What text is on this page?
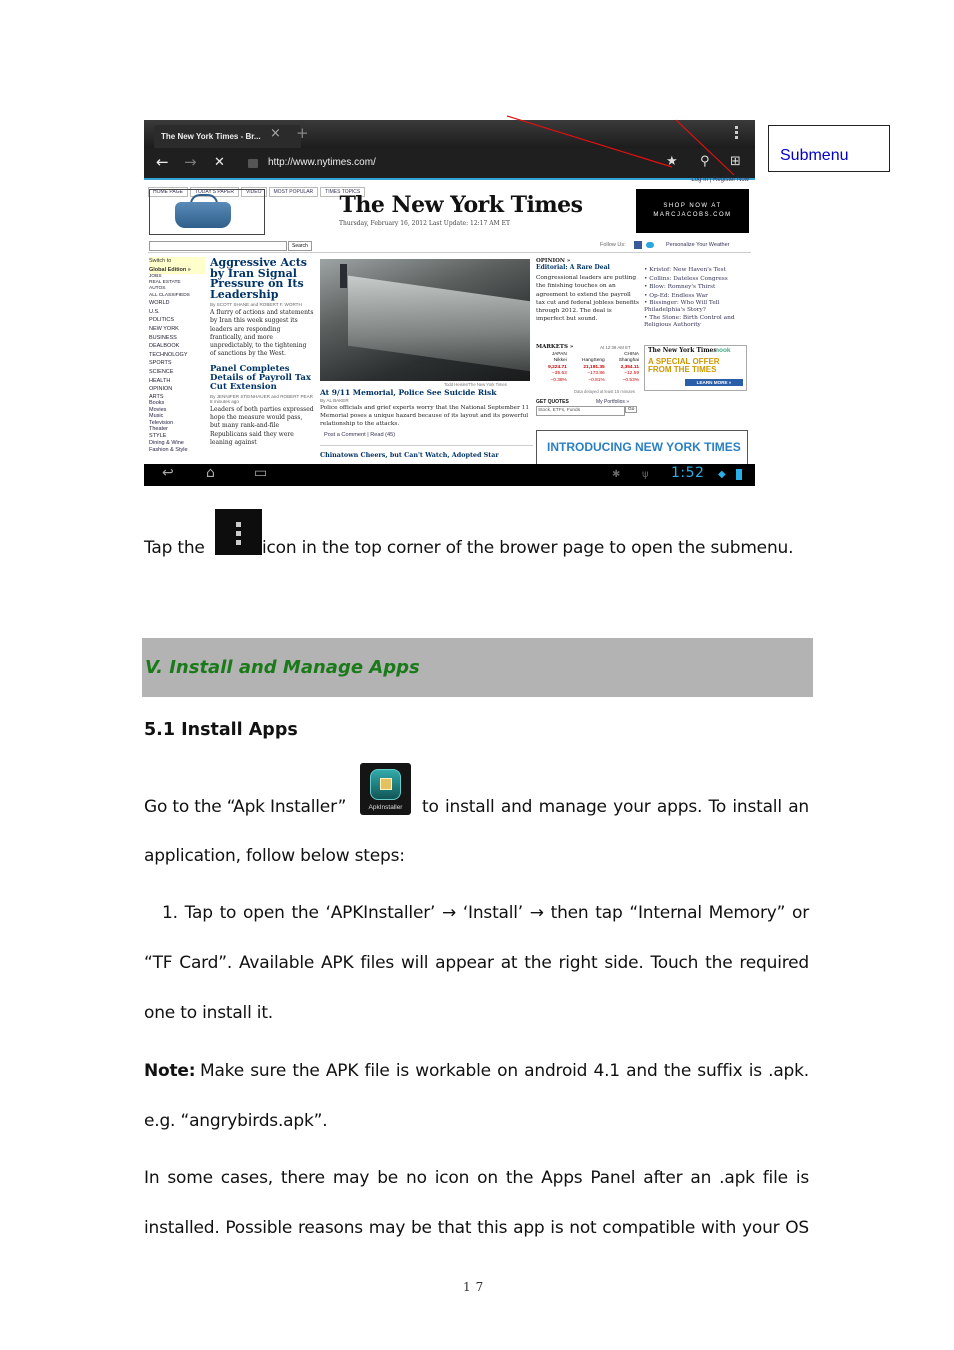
The New York Times - Br... × +
← → ✕	http://www.nytimes.com/	★ ⚲ ⊞
HOME PAGE TODAY'S PAPER VIDEO MOST POPULAR TIMES TOPICS
Log In | Register Now
The New York Times
Thursday, February 16, 2012 Last Update: 12:17 AM ET
SHOP NOW AT
MARCJACOBS.COM
Search	Follow Us:	Personalize Your Weather
Switch to
Global Edition »
JOBS
REAL ESTATE
AUTOS
ALL CLASSIFIEDS
WORLD
U.S.
POLITICS
NEW YORK
BUSINESS
DEALBOOK
TECHNOLOGY
SPORTS
SCIENCE
HEALTH
OPINION
ARTS
Books
Movies
Music
Television
Theater
STYLE
Dining & Wine
Fashion & Style
Aggressive Acts by Iran Signal Pressure on Its Leadership
By SCOTT SHANE and ROBERT F. WORTH
A flurry of actions and statements by Iran this week suggest its leaders are responding frantically, and more unpredictably, to the tightening of sanctions by the West.
Panel Completes Details of Payroll Tax Cut Extension
By JENNIFER STEINHAUER and ROBERT PEAR 8 minutes ago
Leaders of both parties expressed hope the measure would pass, but many rank-and-file Republicans said they were leaning against
Todd Heisler/The New York Times
At 9/11 Memorial, Police See Suicide Risk
By AL BAKER
Police officials and grief experts worry that the National September 11 Memorial poses a unique hazard because of its layout and its powerful relationship to the attacks.
Post a Comment | Read (45)
Chinatown Cheers, but Can't Watch, Adopted Star
OPINION »
Editorial: A Rare Deal
Congressional leaders are putting the finishing touches on an agreement to extend the payroll tax cut and federal jobless benefits through 2012. The deal is imperfect but sound.
• Kristof: New Haven's Test
• Collins: Dateless Congress
• Blow: Romney's Thirst
• Op-Ed: Endless War
• Bissinger: Who Will Tell Philadelphia's Story?
• The Stone: Birth Control and Religious Authority
MARKETS »	At 12:39 AM ET
JAPAN		CHINA
Nikkei	HangSeng	Shanghai
9,224.71	21,191.35	2,354.11
−35.63	−173.86	−12.59
−0.38%	−0.81%	−0.53%
Data delayed at least 15 minutes
GET QUOTES	My Portfolios »
Stock, ETFs, Funds	Go
The New York Times
nook
A SPECIAL OFFER FROM THE TIMES
LEARN MORE »
INTRODUCING NEW YORK TIMES
↩ ⌂	▭	✱ ψ 1:52 ◆
Submenu
Tap the	icon in the top corner of the brower page to open the submenu.
V. Install and Manage Apps
5.1 Install Apps
Go to the “Apk Installer”	ApkInstaller	to install and manage your apps. To install an
application, follow below steps:
1. Tap to open the ‘APKInstaller’ → ‘Install’ → then tap “Internal Memory” or
“TF Card”. Available APK files will appear at the right side. Touch the required
one to install it.
Note: Make sure the APK file is workable on android 4.1 and the suffix is .apk.
e.g. “angrybirds.apk”.
In some cases, there may be no icon on the Apps Panel after an .apk file is
installed. Possible reasons may be that this app is not compatible with your OS
17
